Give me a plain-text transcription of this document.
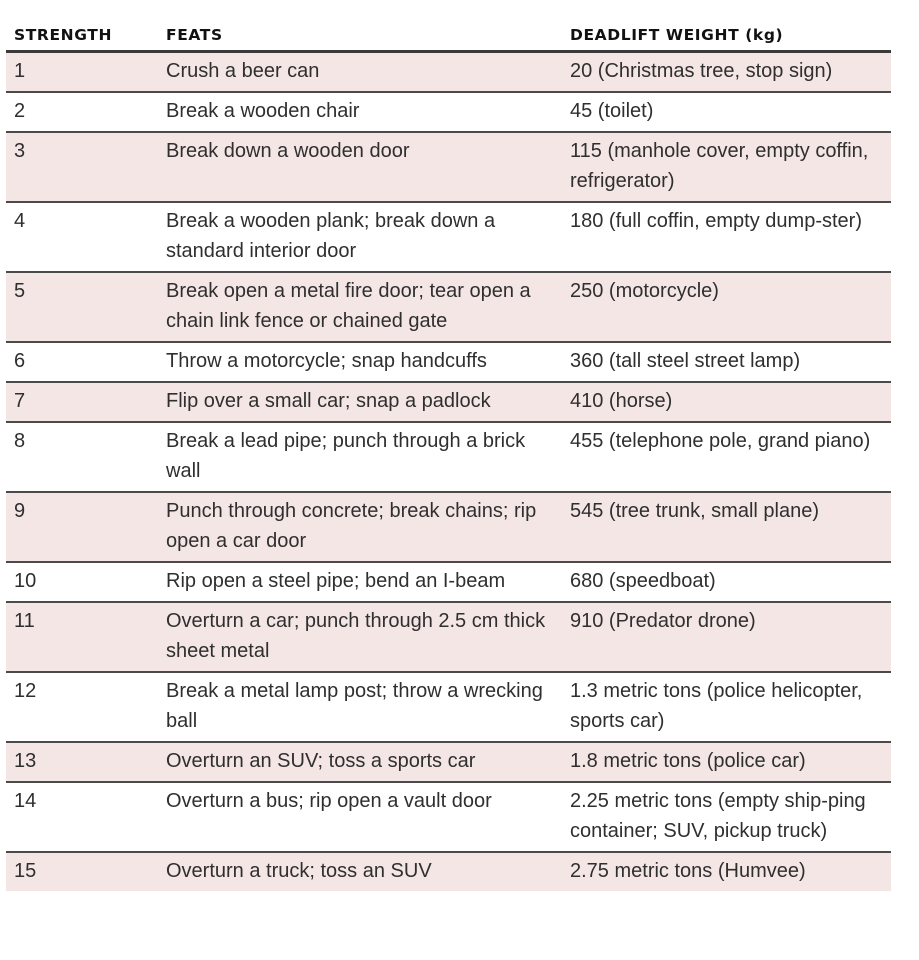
STRENGTH	FEATS	DEADLIFT WEIGHT (kg)
1	Crush a beer can	20 (Christmas tree, stop sign)
2	Break a wooden chair	45 (toilet)
3	Break down a wooden door	115 (manhole cover, empty coffin, refrigerator)
4	Break a wooden plank; break down a standard interior door	180 (full coffin, empty dump-ster)
5	Break open a metal fire door; tear open a chain link fence or chained gate	250 (motorcycle)
6	Throw a motorcycle; snap handcuffs	360 (tall steel street lamp)
7	Flip over a small car; snap a padlock	410 (horse)
8	Break a lead pipe; punch through a brick wall	455 (telephone pole, grand piano)
9	Punch through concrete; break chains; rip open a car door	545 (tree trunk, small plane)
10	Rip open a steel pipe; bend an I-beam	680 (speedboat)
11	Overturn a car; punch through 2.5 cm thick sheet metal	910 (Predator drone)
12	Break a metal lamp post; throw a wrecking ball	1.3 metric tons (police helicopter, sports car)
13	Overturn an SUV; toss a sports car	1.8 metric tons (police car)
14	Overturn a bus; rip open a vault door	2.25 metric tons (empty ship-ping container; SUV, pickup truck)
15	Overturn a truck; toss an SUV	2.75 metric tons (Humvee)
